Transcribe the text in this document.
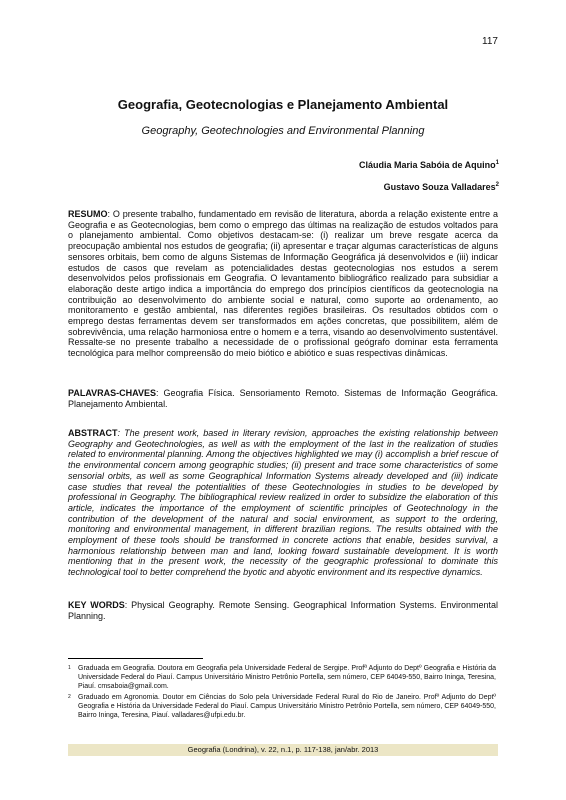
117
Geografia, Geotecnologias e Planejamento Ambiental
Geography, Geotechnologies and Environmental Planning
Cláudia Maria Sabóia de Aquino$^1$
Gustavo Souza Valladares$^2$
RESUMO: O presente trabalho, fundamentado em revisão de literatura, aborda a relação existente entre a Geografia e as Geotecnologias, bem como o emprego das últimas na realização de estudos voltados para o planejamento ambiental. Como objetivos destacam-se: (i) realizar um breve resgate acerca da preocupação ambiental nos estudos de geografia; (ii) apresentar e traçar algumas características de alguns sensores orbitais, bem como de alguns Sistemas de Informação Geográfica já desenvolvidos e (iii) indicar estudos de casos que revelam as potencialidades destas geotecnologias nos estudos a serem desenvolvidos pelos profissionais em Geografia. O levantamento bibliográfico realizado para subsidiar a elaboração deste artigo indica a importância do emprego dos princípios científicos da geotecnologia na contribuição ao desenvolvimento do ambiente social e natural, como suporte ao ordenamento, ao monitoramento e gestão ambiental, nas diferentes regiões brasileiras. Os resultados obtidos com o emprego destas ferramentas devem ser transformados em ações concretas, que possibilitem, além de sobrevivência, uma relação harmoniosa entre o homem e a terra, visando ao desenvolvimento sustentável. Ressalte-se no presente trabalho a necessidade de o profissional geógrafo dominar esta ferramenta tecnológica para melhor compreensão do meio biótico e abiótico e suas respectivas dinâmicas.
PALAVRAS-CHAVES: Geografia Física. Sensoriamento Remoto. Sistemas de Informação Geográfica. Planejamento Ambiental.
ABSTRACT: The present work, based in literary revision, approaches the existing relationship between Geography and Geotechnologies, as well as with the employment of the last in the realization of studies related to environmental planning. Among the objectives highlighted we may (i) accomplish a brief rescue of the environmental concern among geographic studies; (ii) present and trace some characteristics of some sensorial orbits, as well as some Geographical Information Systems already developed and (iii) indicate case studies that reveal the potentialities of these Geotechnologies in studies to be developed by professional in Geography. The bibliographical review realized in order to subsidize the elaboration of this article, indicates the importance of the employment of scientific principles of Geotechnology in the contribution of the development of the natural and social environment, as support to the ordering, monitoring and environmental management, in different brazilian regions. The results obtained with the employment of these tools should be transformed in concrete actions that enable, besides survival, a harmonious relationship between man and land, looking foward sustainable development. It is worth mentioning that in the present work, the necessity of the geographic professional to dominate this technological tool to better comprehend the byotic and abyotic environment and its respective dynamics.
KEY WORDS: Physical Geography. Remote Sensing. Geographical Information Systems. Environmental Planning.
$^1$ Graduada em Geografia. Doutora em Geografia pela Universidade Federal de Sergipe. Profª Adjunto do Deptº Geografia e História da Universidade Federal do Piauí. Campus Universitário Ministro Petrônio Portella, sem número, CEP 64049-550, Bairro Ininga, Teresina, Piauí. cmsaboia@gmail.com.
$^2$ Graduado em Agronomia. Doutor em Ciências do Solo pela Universidade Federal Rural do Rio de Janeiro. Profº Adjunto do Deptº Geografia e História da Universidade Federal do Piauí. Campus Universitário Ministro Petrônio Portella, sem número, CEP 64049-550, Bairro Ininga, Teresina, Piauí. valladares@ufpi.edu.br.
Geografia (Londrina), v. 22, n.1, p. 117-138, jan/abr. 2013
